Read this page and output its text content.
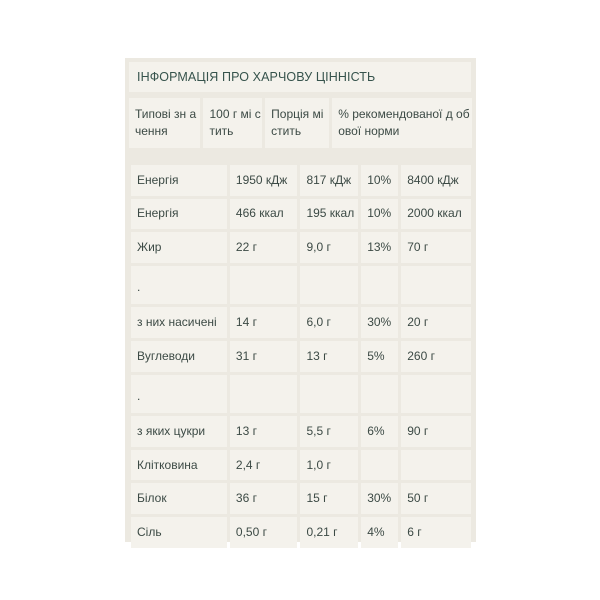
ІНФОРМАЦІЯ ПРО ХАРЧОВУ ЦІННІСТЬ
Типові зн ачення	100 г мі стить	Порція мі стить	% рекомендованої д обової норми
Енергія	1950 кДж	817 кДж	10%	8400 кДж
Енергія	466 ккал	195 ккал	10%	2000 ккал
Жир	22 г	9,0 г	13%	70 г
.				
з них насичені	14 г	6,0 г	30%	20 г
Вуглеводи	31 г	13 г	5%	260 г
.				
з яких цукри	13 г	5,5 г	6%	90 г
Клітковина	2,4 г	1,0 г		
Білок	36 г	15 г	30%	50 г
Сіль	0,50 г	0,21 г	4%	6 г
